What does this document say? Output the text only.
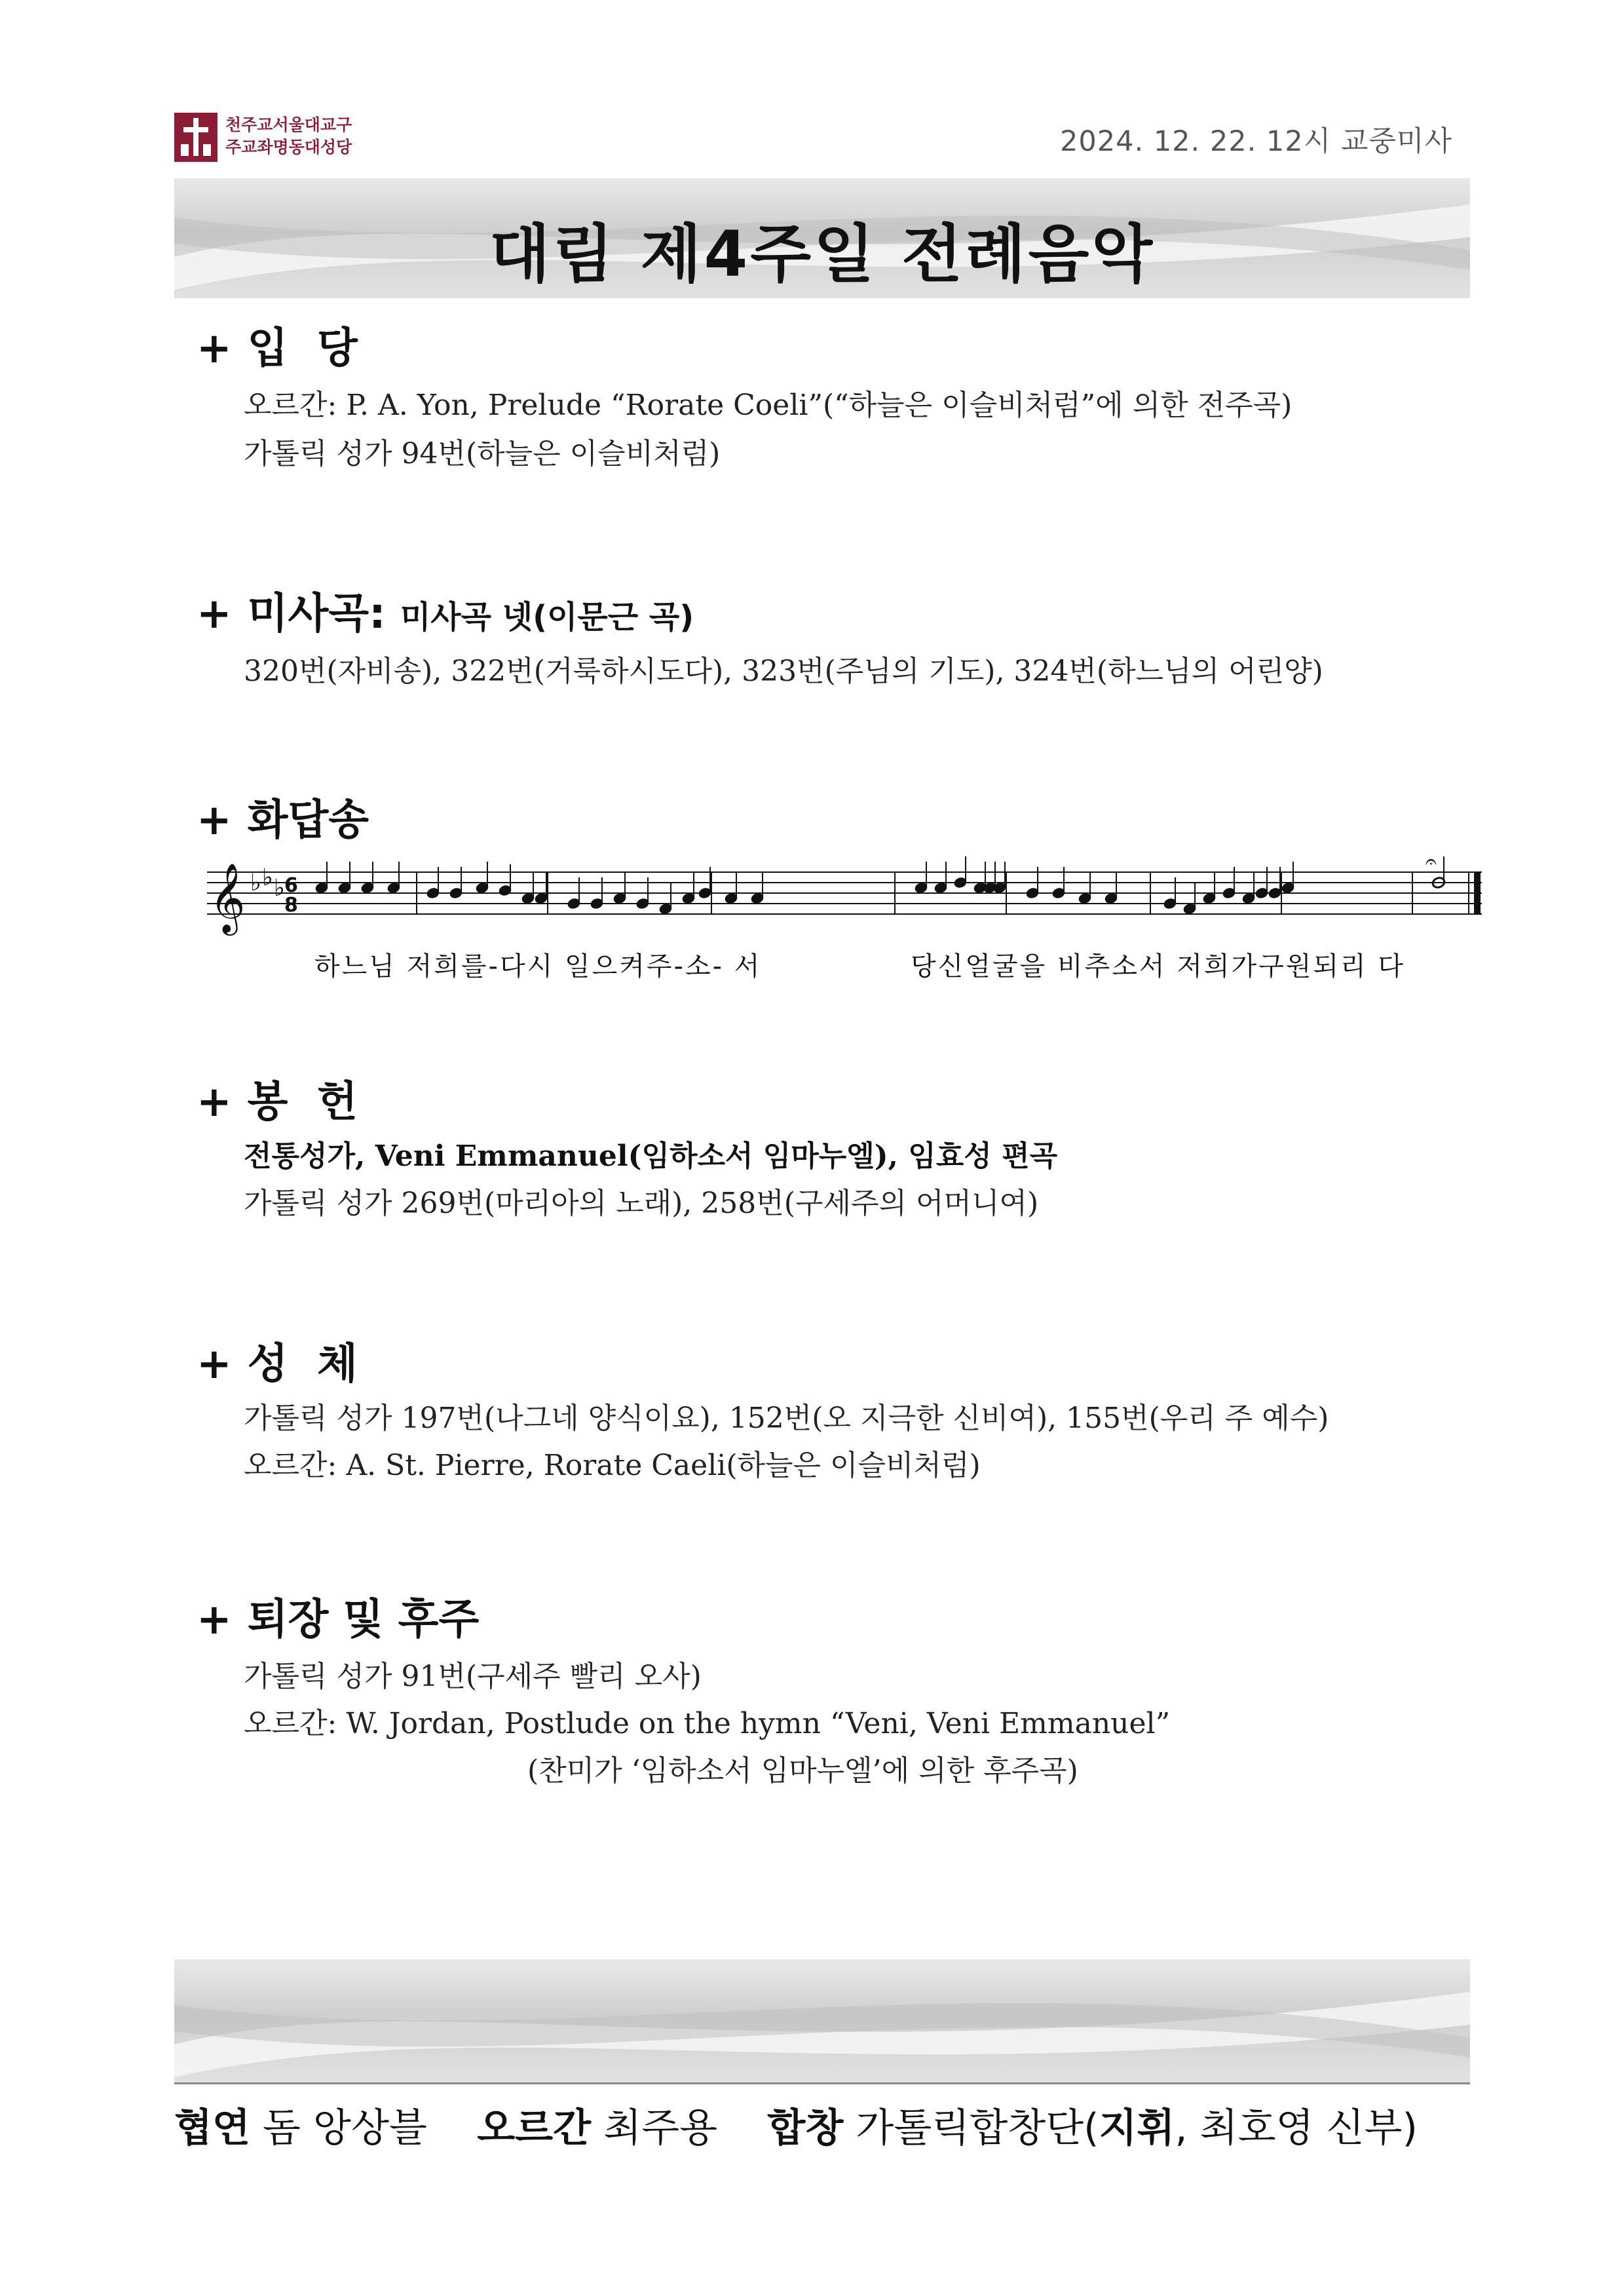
천주교서울대교구
주교좌명동대성당	2024. 12. 22. 12시 교중미사
대림 제4주일 전례음악
+ 입  당
오르간: P. A. Yon, Prelude “Rorate Coeli”(“하늘은 이슬비처럼”에 의한 전주곡)
가톨릭 성가 94번(하늘은 이슬비처럼)
+ 미사곡: 미사곡 넷(이문근 곡)
320번(자비송), 322번(거룩하시도다), 323번(주님의 기도), 324번(하느님의 어린양)
+ 화답송
𝄞 ♭ ♭ ♭ 6
8
𝄐
하느님 저희를-다시 일으켜주-소- 서	당신얼굴을 비추소서 저희가구원되리 다
+ 봉  헌
전통성가, Veni Emmanuel(임하소서 임마누엘), 임효성 편곡
가톨릭 성가 269번(마리아의 노래), 258번(구세주의 어머니여)
+ 성  체
가톨릭 성가 197번(나그네 양식이요), 152번(오 지극한 신비여), 155번(우리 주 예수)
오르간: A. St. Pierre, Rorate Caeli(하늘은 이슬비처럼)
+ 퇴장 및 후주
가톨릭 성가 91번(구세주 빨리 오사)
오르간: W. Jordan, Postlude on the hymn “Veni, Veni Emmanuel”
(찬미가 ‘임하소서 임마누엘’에 의한 후주곡)
협연 돔 앙상블 오르간 최주용 합창 가톨릭합창단(지휘, 최호영 신부)
